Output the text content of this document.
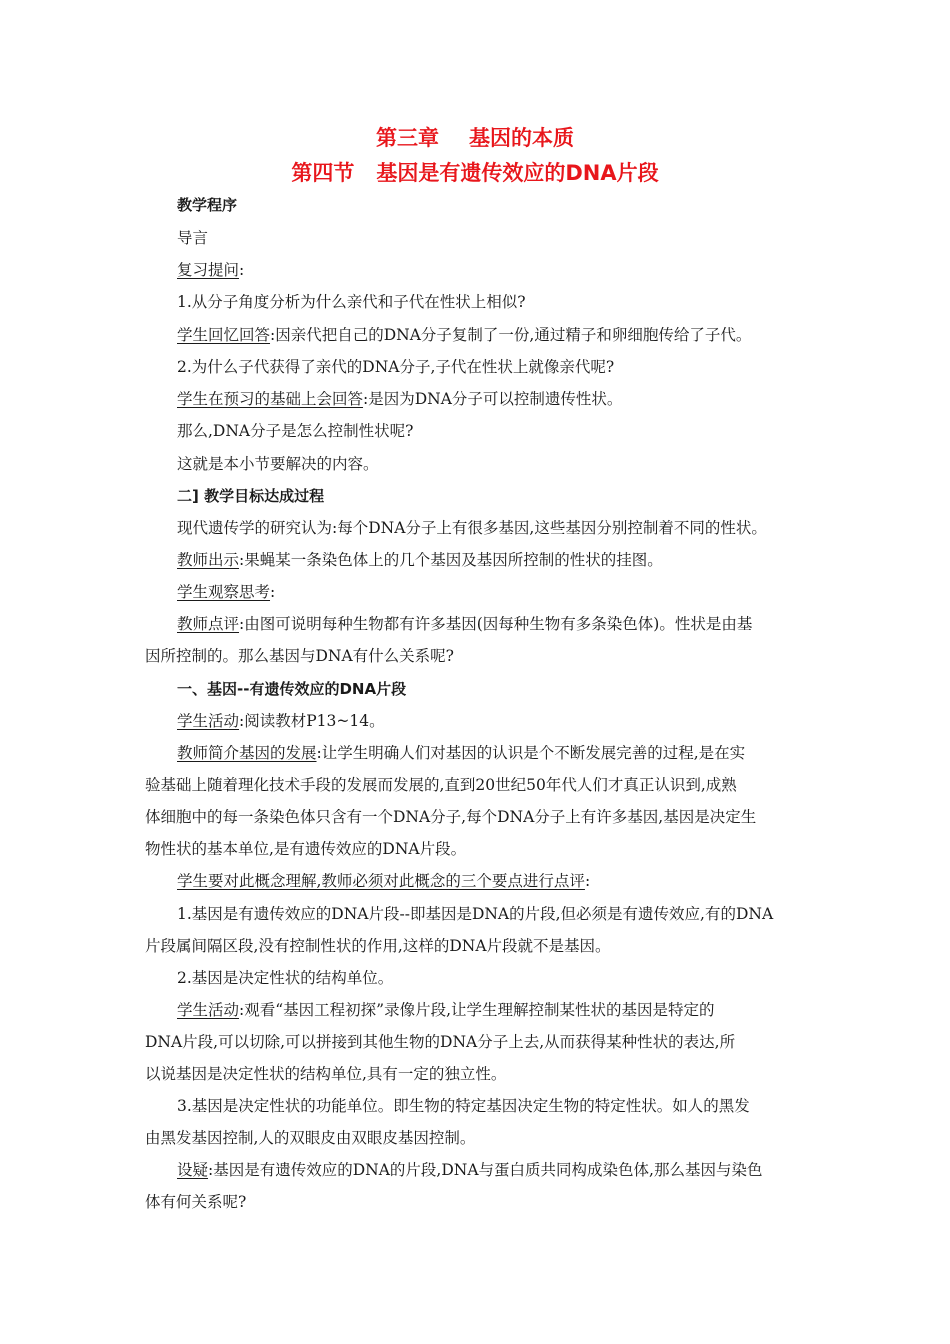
第三章 基因的本质
第四节 基因是有遗传效应的DNA片段
教学程序
导言
复习提问:
1.从分子角度分析为什么亲代和子代在性状上相似?
学生回忆回答:因亲代把自己的DNA分子复制了一份,通过精子和卵细胞传给了子代。
2.为什么子代获得了亲代的DNA分子,子代在性状上就像亲代呢?
学生在预习的基础上会回答:是因为DNA分子可以控制遗传性状。
那么,DNA分子是怎么控制性状呢?
这就是本小节要解决的内容。
二] 教学目标达成过程
现代遗传学的研究认为:每个DNA分子上有很多基因,这些基因分别控制着不同的性状。
教师出示:果蝇某一条染色体上的几个基因及基因所控制的性状的挂图。
学生观察思考:
教师点评:由图可说明每种生物都有许多基因(因每种生物有多条染色体)。性状是由基
因所控制的。那么基因与DNA有什么关系呢?
一、基因--有遗传效应的DNA片段
学生活动:阅读教材P13~14。
教师简介基因的发展:让学生明确人们对基因的认识是个不断发展完善的过程,是在实
验基础上随着理化技术手段的发展而发展的,直到20世纪50年代人们才真正认识到,成熟
体细胞中的每一条染色体只含有一个DNA分子,每个DNA分子上有许多基因,基因是决定生
物性状的基本单位,是有遗传效应的DNA片段。
学生要对此概念理解,教师必须对此概念的三个要点进行点评:
1.基因是有遗传效应的DNA片段--即基因是DNA的片段,但必须是有遗传效应,有的DNA
片段属间隔区段,没有控制性状的作用,这样的DNA片段就不是基因。
2.基因是决定性状的结构单位。
学生活动:观看“基因工程初探”录像片段,让学生理解控制某性状的基因是特定的
DNA片段,可以切除,可以拼接到其他生物的DNA分子上去,从而获得某种性状的表达,所
以说基因是决定性状的结构单位,具有一定的独立性。
3.基因是决定性状的功能单位。即生物的特定基因决定生物的特定性状。如人的黑发
由黑发基因控制,人的双眼皮由双眼皮基因控制。
设疑:基因是有遗传效应的DNA的片段,DNA与蛋白质共同构成染色体,那么基因与染色
体有何关系呢?
